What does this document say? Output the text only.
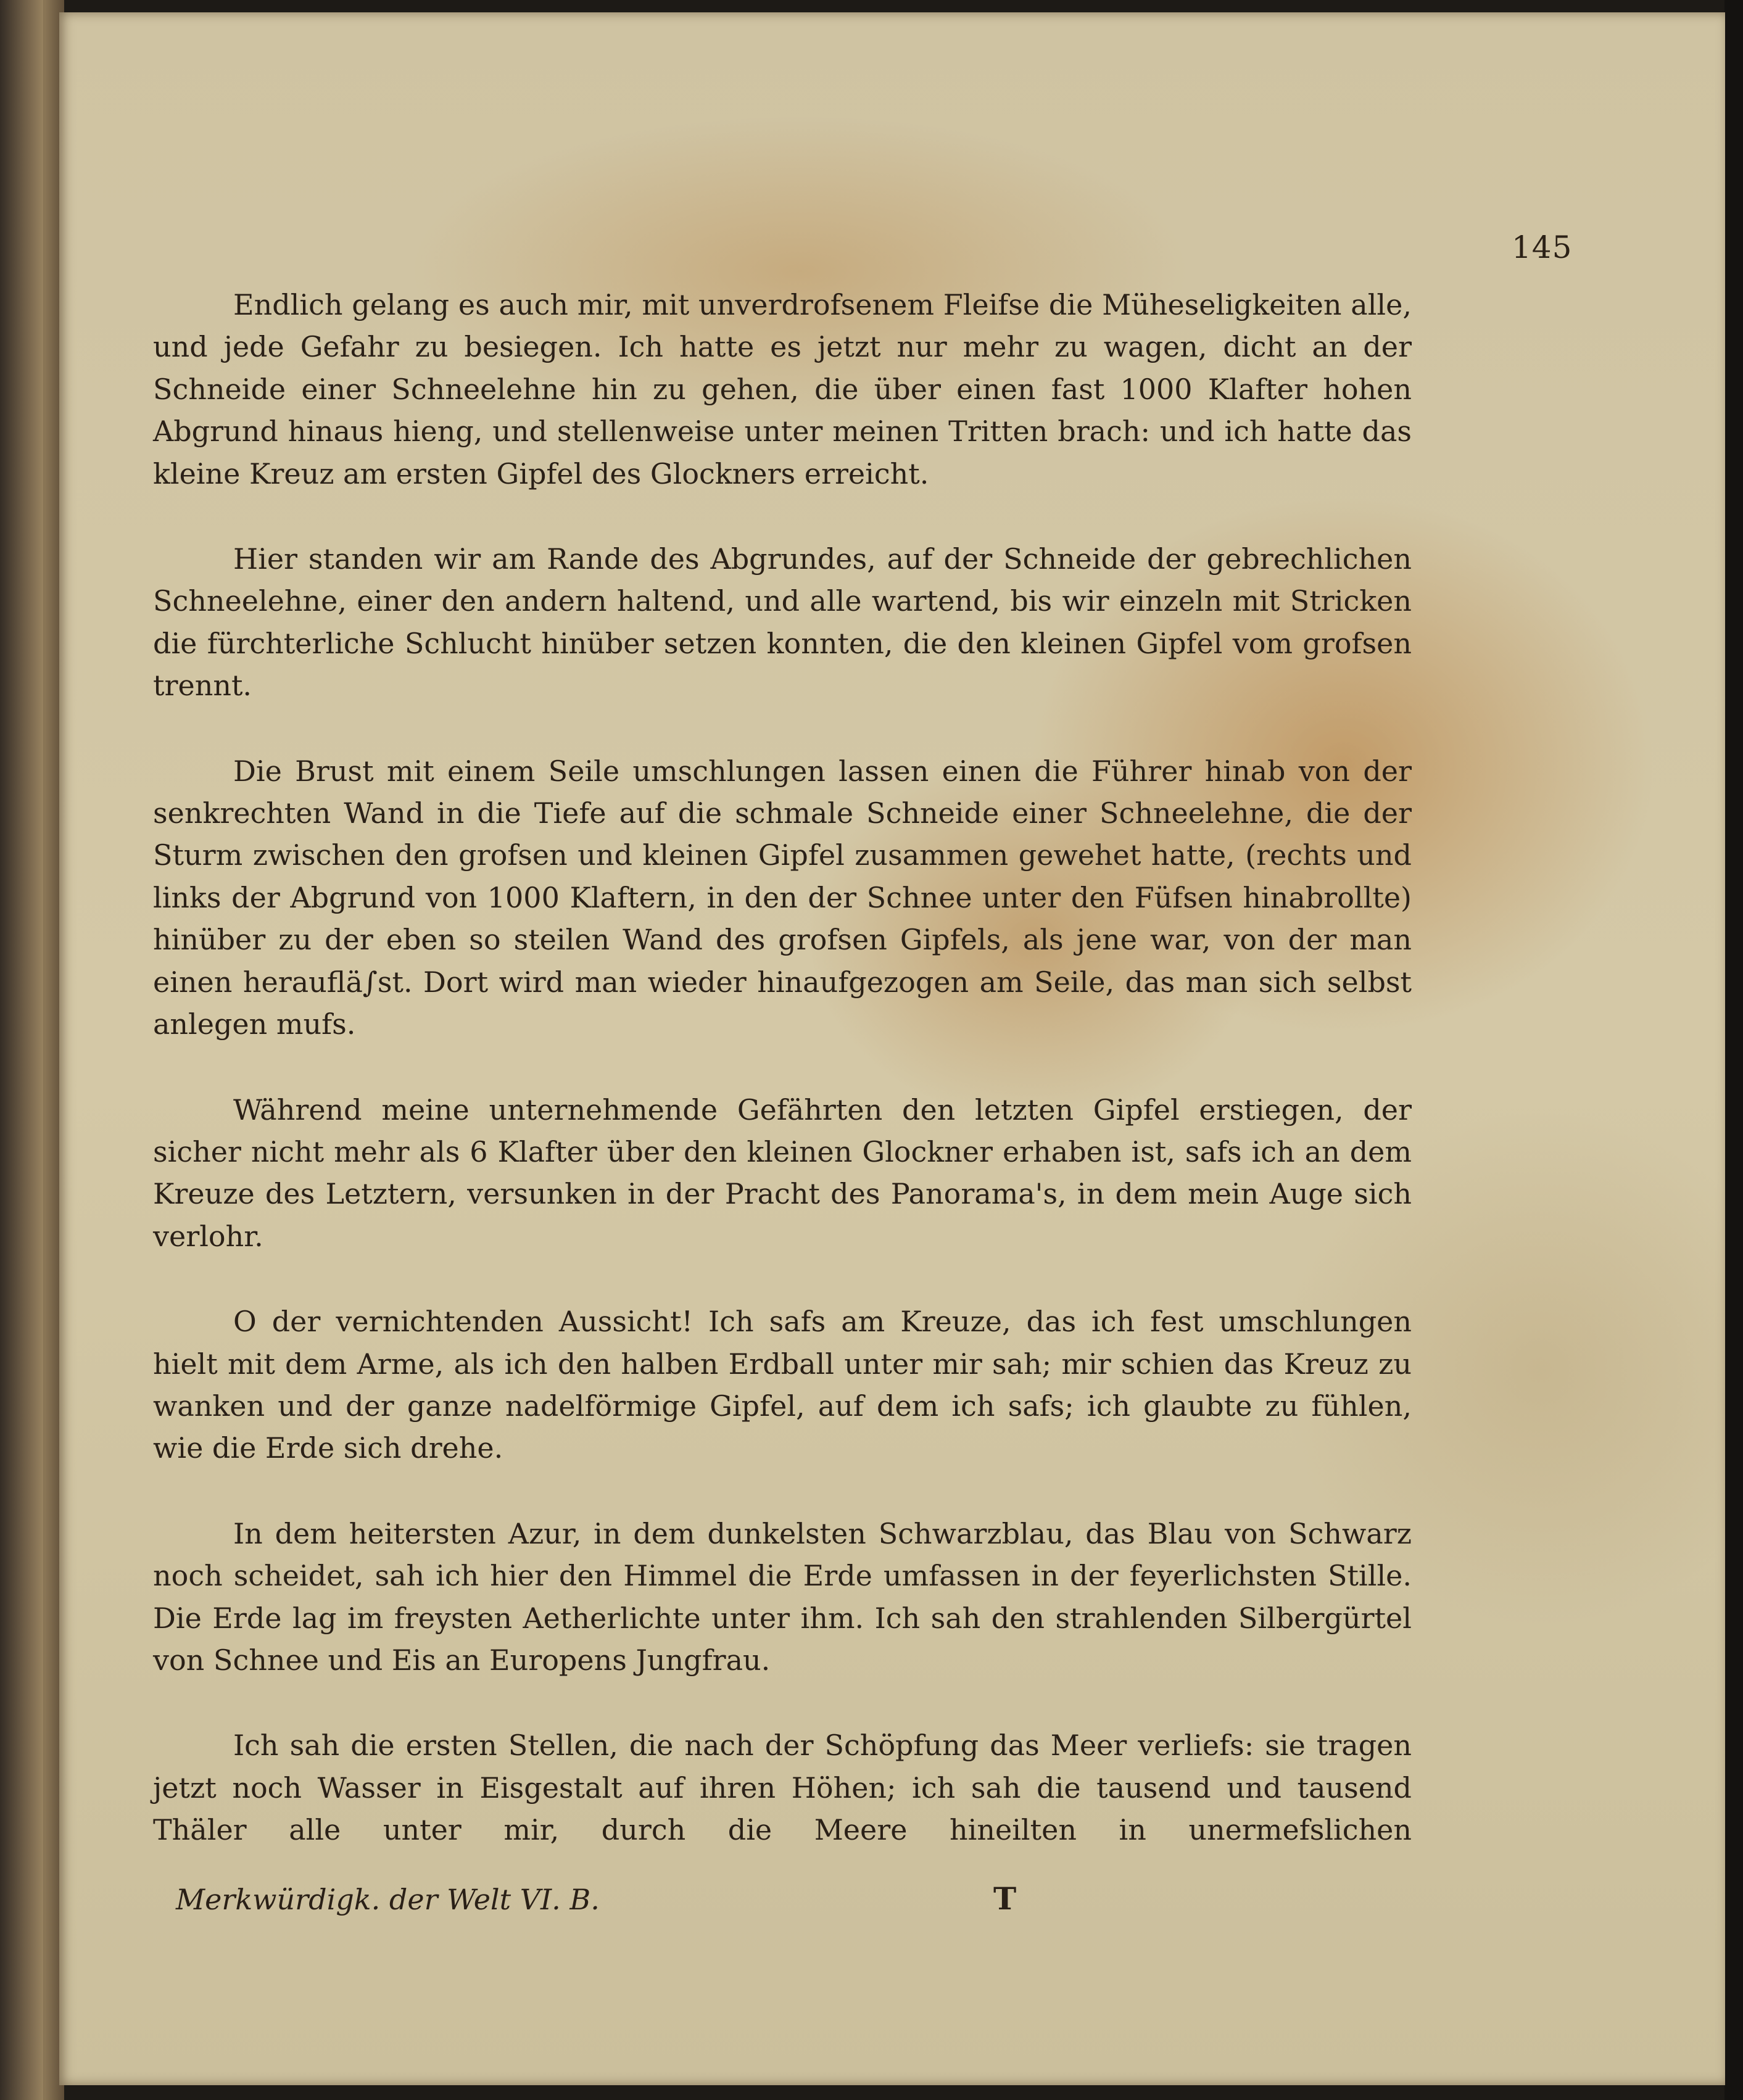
145

Endlich gelang es auch mir, mit unverdrofsenem Fleifse die Müheseligkeiten alle, und jede Gefahr zu besiegen. Ich hatte es jetzt nur mehr zu wagen, dicht an der Schneide einer Schneelehne hin zu gehen, die über einen fast 1000 Klafter hohen Abgrund hinaus hieng, und stellenweise unter meinen Tritten brach: und ich hatte das kleine Kreuz am ersten Gipfel des Glockners erreicht.

Hier standen wir am Rande des Abgrundes, auf der Schneide der gebrechlichen Schneelehne, einer den andern haltend, und alle wartend, bis wir einzeln mit Stricken die fürchterliche Schlucht hinüber setzen konnten, die den kleinen Gipfel vom grofsen trennt.

Die Brust mit einem Seile umschlungen lassen einen die Führer hinab von der senkrechten Wand in die Tiefe auf die schmale Schneide einer Schneelehne, die der Sturm zwischen den grofsen und kleinen Gipfel zusammen gewehet hatte, (rechts und links der Abgrund von 1000 Klaftern, in den der Schnee unter den Füfsen hinabrollte) hinüber zu der eben so steilen Wand des grofsen Gipfels, als jene war, von der man einen herauflä∫st. Dort wird man wieder hinaufgezogen am Seile, das man sich selbst anlegen mufs.

Während meine unternehmende Gefährten den letzten Gipfel erstiegen, der sicher nicht mehr als 6 Klafter über den kleinen Glockner erhaben ist, safs ich an dem Kreuze des Letztern, versunken in der Pracht des Panorama's, in dem mein Auge sich verlohr.

O der vernichtenden Aussicht! Ich safs am Kreuze, das ich fest umschlungen hielt mit dem Arme, als ich den halben Erdball unter mir sah; mir schien das Kreuz zu wanken und der ganze nadelförmige Gipfel, auf dem ich safs; ich glaubte zu fühlen, wie die Erde sich drehe.

In dem heitersten Azur, in dem dunkelsten Schwarzblau, das Blau von Schwarz noch scheidet, sah ich hier den Himmel die Erde umfassen in der feyerlichsten Stille. Die Erde lag im freysten Aetherlichte unter ihm. Ich sah den strahlenden Silbergürtel von Schnee und Eis an Europens Jungfrau.

Ich sah die ersten Stellen, die nach der Schöpfung das Meer verliefs: sie tragen jetzt noch Wasser in Eisgestalt auf ihren Höhen; ich sah die tausend und tausend Thäler alle unter mir, durch die Meere hineilten in unermefslichen

Merkwürdigk. der Welt VI. B.	T
